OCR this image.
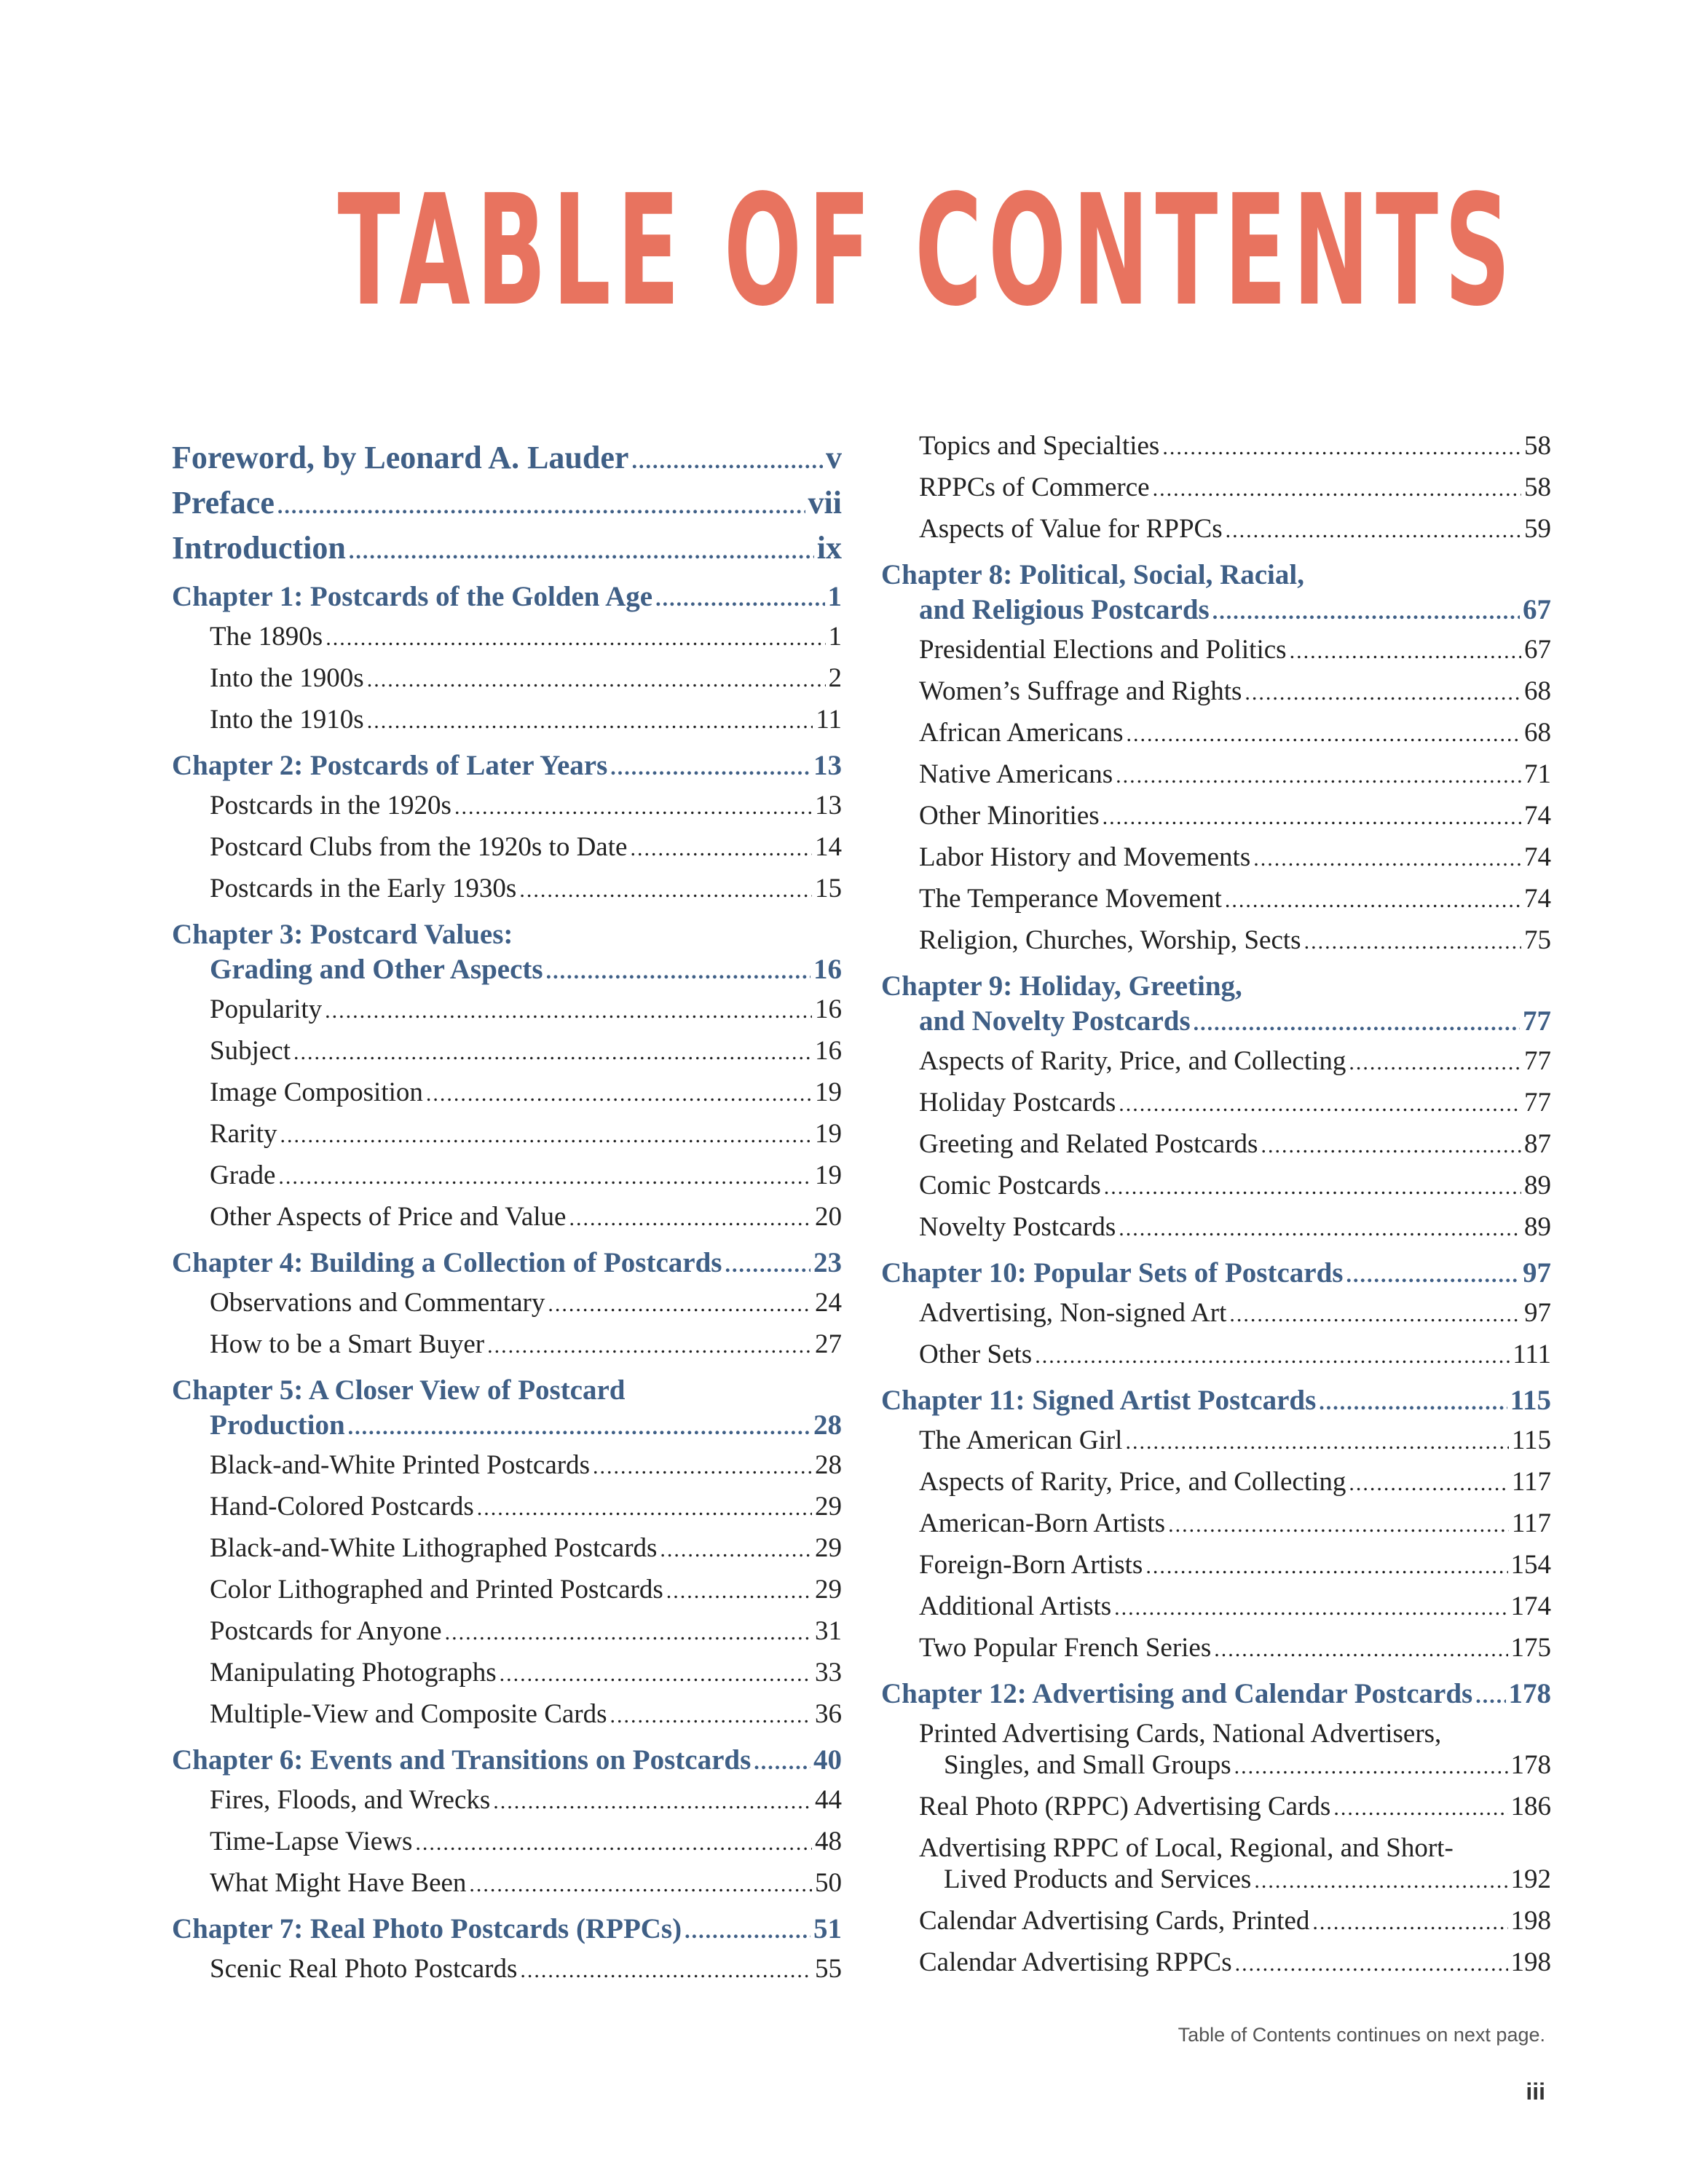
TABLE OF CONTENTS
Foreword, by Leonard A. Lauder .....	v
Preface .....	vii
Introduction .....	ix
Chapter 1: Postcards of the Golden Age .....	1
The 1890s .....	1
Into the 1900s .....	2
Into the 1910s .....	11
Chapter 2: Postcards of Later Years .....	13
Postcards in the 1920s .....	13
Postcard Clubs from the 1920s to Date .....	14
Postcards in the Early 1930s .....	15
Chapter 3: Postcard Values:
Grading and Other Aspects .....	16
Popularity .....	16
Subject .....	16
Image Composition .....	19
Rarity .....	19
Grade .....	19
Other Aspects of Price and Value .....	20
Chapter 4: Building a Collection of Postcards .....	23
Observations and Commentary .....	24
How to be a Smart Buyer .....	27
Chapter 5: A Closer View of Postcard
Production .....	28
Black-and-White Printed Postcards .....	28
Hand-Colored Postcards .....	29
Black-and-White Lithographed Postcards .....	29
Color Lithographed and Printed Postcards .....	29
Postcards for Anyone .....	31
Manipulating Photographs .....	33
Multiple-View and Composite Cards .....	36
Chapter 6: Events and Transitions on Postcards ..... 40
Fires, Floods, and Wrecks .....	44
Time-Lapse Views .....	48
What Might Have Been .....	50
Chapter 7: Real Photo Postcards (RPPCs) .....	51
Scenic Real Photo Postcards .....	55
Topics and Specialties .....	58
RPPCs of Commerce .....	58
Aspects of Value for RPPCs .....	59
Chapter 8: Political, Social, Racial,
and Religious Postcards .....	67
Presidential Elections and Politics .....	67
Women’s Suffrage and Rights .....	68
African Americans .....	68
Native Americans .....	71
Other Minorities .....	74
Labor History and Movements .....	74
The Temperance Movement .....	74
Religion, Churches, Worship, Sects .....	75
Chapter 9: Holiday, Greeting,
and Novelty Postcards .....	77
Aspects of Rarity, Price, and Collecting .....	77
Holiday Postcards .....	77
Greeting and Related Postcards .....	87
Comic Postcards .....	89
Novelty Postcards .....	89
Chapter 10: Popular Sets of Postcards .....	97
Advertising, Non-signed Art .....	97
Other Sets .....	111
Chapter 11: Signed Artist Postcards .....	115
The American Girl .....	115
Aspects of Rarity, Price, and Collecting .....	117
American-Born Artists .....	117
Foreign-Born Artists .....	154
Additional Artists .....	174
Two Popular French Series .....	175
Chapter 12: Advertising and Calendar Postcards ..... 178
Printed Advertising Cards, National Advertisers,
Singles, and Small Groups .....	178
Real Photo (RPPC) Advertising Cards .....	186
Advertising RPPC of Local, Regional, and Short-
Lived Products and Services .....	192
Calendar Advertising Cards, Printed .....	198
Calendar Advertising RPPCs .....	198
Table of Contents continues on next page.
iii
